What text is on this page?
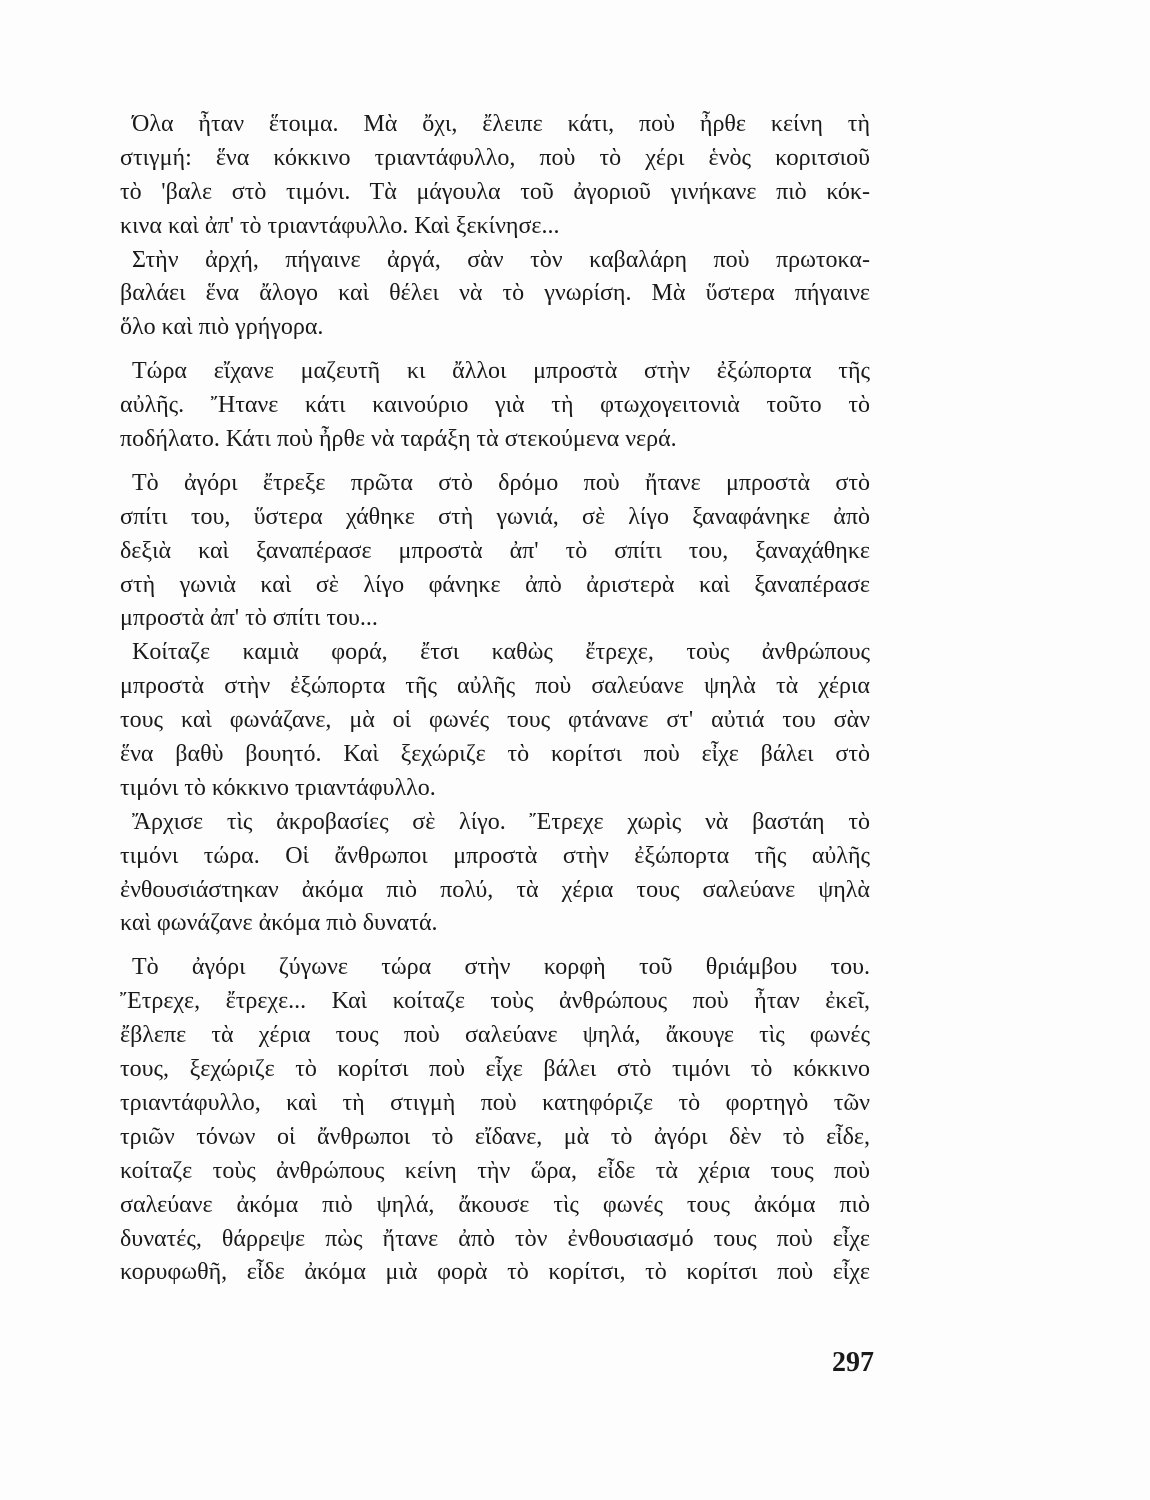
Όλα ἦταν ἕτοιμα. Μὰ ὄχι, ἔλειπε κάτι, ποὺ ἦρθε κείνη τὴ
στιγμή: ἕνα κόκκινο τριαντάφυλλο, ποὺ τὸ χέρι ἑνὸς κοριτσιοῦ
τὸ 'βαλε στὸ τιμόνι. Τὰ μάγουλα τοῦ ἀγοριοῦ γινήκανε πιὸ κόκ-
κινα καὶ ἀπ' τὸ τριαντάφυλλο. Καὶ ξεκίνησε...
Στὴν ἀρχή, πήγαινε ἀργά, σὰν τὸν καβαλάρη ποὺ πρωτοκα-
βαλάει ἕνα ἄλογο καὶ θέλει νὰ τὸ γνωρίση. Μὰ ὕστερα πήγαινε
ὅλο καὶ πιὸ γρήγορα.
Τώρα εἴχανε μαζευτῆ κι ἄλλοι μπροστὰ στὴν ἐξώπορτα τῆς
αὐλῆς. Ἤτανε κάτι καινούριο γιὰ τὴ φτωχογειτονιὰ τοῦτο τὸ
ποδήλατο. Κάτι ποὺ ἦρθε νὰ ταράξη τὰ στεκούμενα νερά.
Τὸ ἀγόρι ἔτρεξε πρῶτα στὸ δρόμο ποὺ ἤτανε μπροστὰ στὸ
σπίτι του, ὕστερα χάθηκε στὴ γωνιά, σὲ λίγο ξαναφάνηκε ἀπὸ
δεξιὰ καὶ ξαναπέρασε μπροστὰ ἀπ' τὸ σπίτι του, ξαναχάθηκε
στὴ γωνιὰ καὶ σὲ λίγο φάνηκε ἀπὸ ἀριστερὰ καὶ ξαναπέρασε
μπροστὰ ἀπ' τὸ σπίτι του...
Κοίταζε καμιὰ φορά, ἔτσι καθὼς ἔτρεχε, τοὺς ἀνθρώπους
μπροστὰ στὴν ἐξώπορτα τῆς αὐλῆς ποὺ σαλεύανε ψηλὰ τὰ χέρια
τους καὶ φωνάζανε, μὰ οἱ φωνές τους φτάνανε στ' αὐτιά του σὰν
ἕνα βαθὺ βουητό. Καὶ ξεχώριζε τὸ κορίτσι ποὺ εἶχε βάλει στὸ
τιμόνι τὸ κόκκινο τριαντάφυλλο.
Ἄρχισε τὶς ἀκροβασίες σὲ λίγο. Ἔτρεχε χωρὶς νὰ βαστάη τὸ
τιμόνι τώρα. Οἱ ἄνθρωποι μπροστὰ στὴν ἐξώπορτα τῆς αὐλῆς
ἐνθουσιάστηκαν ἀκόμα πιὸ πολύ, τὰ χέρια τους σαλεύανε ψηλὰ
καὶ φωνάζανε ἀκόμα πιὸ δυνατά.
Τὸ ἀγόρι ζύγωνε τώρα στὴν κορφὴ τοῦ θριάμβου του.
Ἔτρεχε, ἔτρεχε... Καὶ κοίταζε τοὺς ἀνθρώπους ποὺ ἦταν ἐκεῖ,
ἔβλεπε τὰ χέρια τους ποὺ σαλεύανε ψηλά, ἄκουγε τὶς φωνές
τους, ξεχώριζε τὸ κορίτσι ποὺ εἶχε βάλει στὸ τιμόνι τὸ κόκκινο
τριαντάφυλλο, καὶ τὴ στιγμὴ ποὺ κατηφόριζε τὸ φορτηγὸ τῶν
τριῶν τόνων οἱ ἄνθρωποι τὸ εἴδανε, μὰ τὸ ἀγόρι δὲν τὸ εἶδε,
κοίταζε τοὺς ἀνθρώπους κείνη τὴν ὥρα, εἶδε τὰ χέρια τους ποὺ
σαλεύανε ἀκόμα πιὸ ψηλά, ἄκουσε τὶς φωνές τους ἀκόμα πιὸ
δυνατές, θάρρεψε πὼς ἤτανε ἀπὸ τὸν ἐνθουσιασμό τους ποὺ εἶχε
κορυφωθῆ, εἶδε ἀκόμα μιὰ φορὰ τὸ κορίτσι, τὸ κορίτσι ποὺ εἶχε
297
